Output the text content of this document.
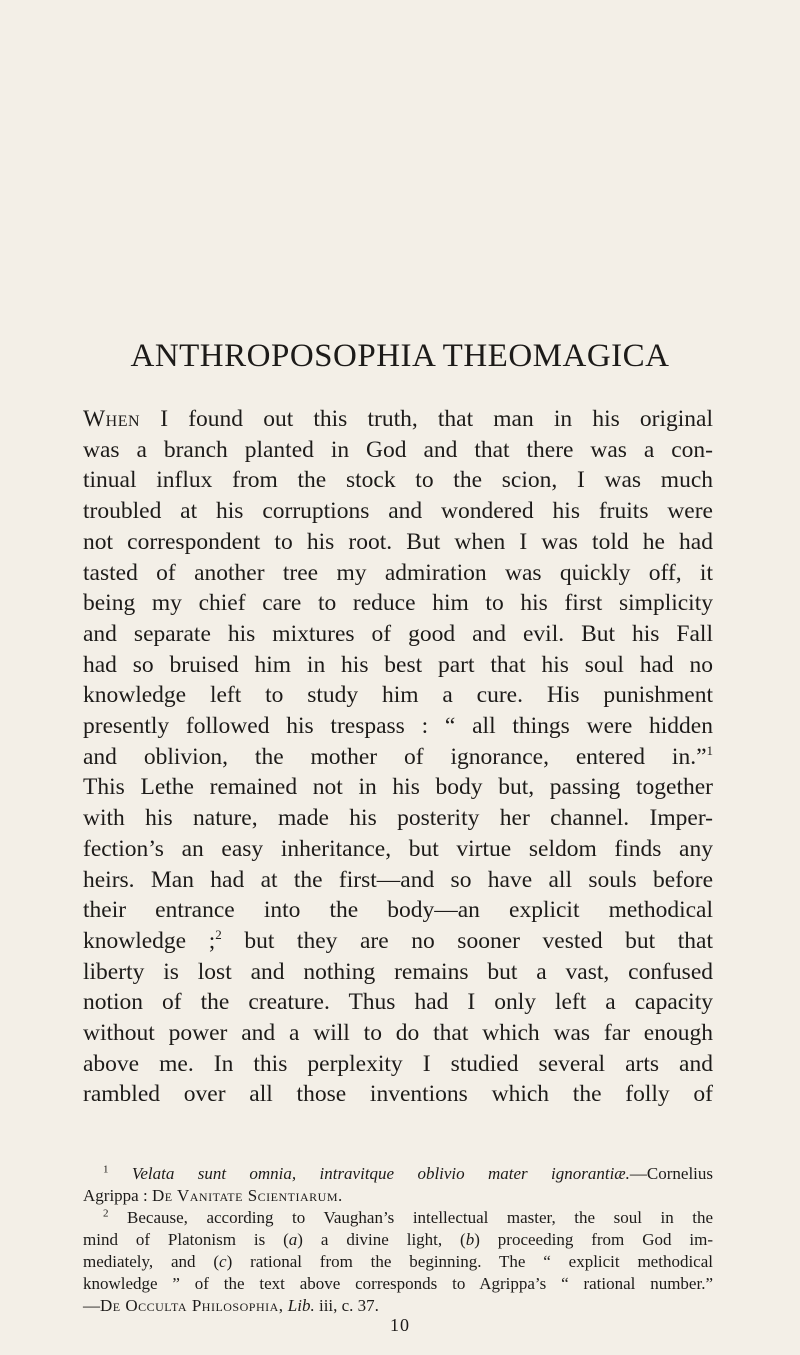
ANTHROPOSOPHIA THEOMAGICA
When I found out this truth, that man in his original
was a branch planted in God and that there was a con-
tinual influx from the stock to the scion, I was much
troubled at his corruptions and wondered his fruits were
not correspondent to his root. But when I was told he had
tasted of another tree my admiration was quickly off, it
being my chief care to reduce him to his first simplicity
and separate his mixtures of good and evil. But his Fall
had so bruised him in his best part that his soul had no
knowledge left to study him a cure. His punishment
presently followed his trespass : “ all things were hidden
and oblivion, the mother of ignorance, entered in.”$^1$
This Lethe remained not in his body but, passing together
with his nature, made his posterity her channel. Imper-
fection’s an easy inheritance, but virtue seldom finds any
heirs. Man had at the first—and so have all souls before
their entrance into the body—an explicit methodical
knowledge ;$^2$ but they are no sooner vested but that
liberty is lost and nothing remains but a vast, confused
notion of the creature. Thus had I only left a capacity
without power and a will to do that which was far enough
above me. In this perplexity I studied several arts and
rambled over all those inventions which the folly of
$^1$ Velata sunt omnia, intravitque oblivio mater ignorantiæ.—Cornelius
Agrippa : De Vanitate Scientiarum.
$^2$ Because, according to Vaughan’s intellectual master, the soul in the
mind of Platonism is (a) a divine light, (b) proceeding from God im-
mediately, and (c) rational from the beginning. The “ explicit methodical
knowledge ” of the text above corresponds to Agrippa’s “ rational number.”
—De Occulta Philosophia, Lib. iii, c. 37.
10
